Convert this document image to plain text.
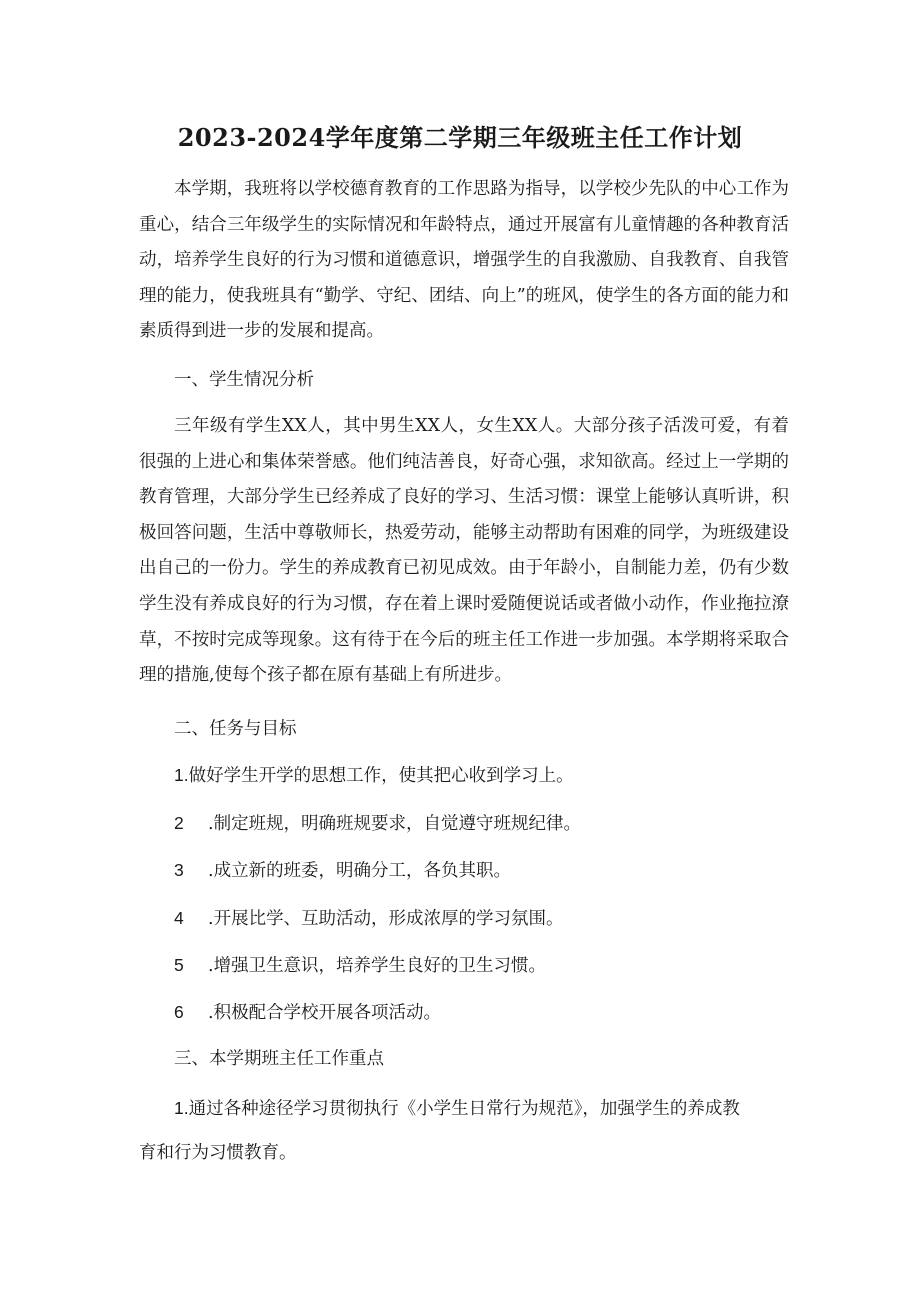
2023-2024学年度第二学期三年级班主任工作计划

本学期，我班将以学校德育教育的工作思路为指导，以学校少先队的中心工作为重心，结合三年级学生的实际情况和年龄特点，通过开展富有儿童情趣的各种教育活动，培养学生良好的行为习惯和道德意识，增强学生的自我激励、自我教育、自我管理的能力，使我班具有“勤学、守纪、团结、向上”的班风，使学生的各方面的能力和素质得到进一步的发展和提高。

一、学生情况分析

三年级有学生XX人，其中男生XX人，女生XX人。大部分孩子活泼可爱，有着很强的上进心和集体荣誉感。他们纯洁善良，好奇心强，求知欲高。经过上一学期的教育管理，大部分学生已经养成了良好的学习、生活习惯：课堂上能够认真听讲，积极回答问题，生活中尊敬师长，热爱劳动，能够主动帮助有困难的同学，为班级建设出自己的一份力。学生的养成教育已初见成效。由于年龄小，自制能力差，仍有少数学生没有养成良好的行为习惯，存在着上课时爱随便说话或者做小动作，作业拖拉潦草，不按时完成等现象。这有待于在今后的班主任工作进一步加强。本学期将采取合理的措施,使每个孩子都在原有基础上有所进步。

二、任务与目标

1.做好学生开学的思想工作，使其把心收到学习上。

2 .制定班规，明确班规要求，自觉遵守班规纪律。

3 .成立新的班委，明确分工，各负其职。

4 .开展比学、互助活动，形成浓厚的学习氛围。

5 .增强卫生意识，培养学生良好的卫生习惯。

6 .积极配合学校开展各项活动。

三、本学期班主任工作重点

1.通过各种途径学习贯彻执行《小学生日常行为规范》，加强学生的养成教

育和行为习惯教育。
